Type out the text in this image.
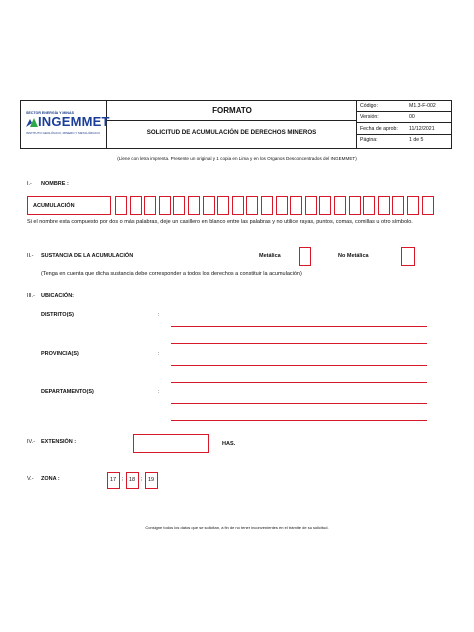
SECTOR ENERGÍA Y MINAS
INGEMMET
INSTITUTO GEOLÓGICO, MINERO Y METALÚRGICO
FORMATO
SOLICITUD DE ACUMULACIÓN DE DERECHOS MINEROS
Código:	M1.3-F-002
Versión:	00
Fecha de aprob: 11/12/2021
Página:	1 de 5
(Llene con letra imprenta. Presente un original y 1 copia en Lima y en los Organos Desconcentrados del INGEMMET)
I.- NOMBRE :
ACUMULACIÓN
Si el nombre esta compuesto por dos o más palabras, deje un casillero en blanco entre las palabras y no utilice rayas, puntos, comas, comillas u otro símbolo.
II.- SUSTANCIA DE LA ACUMULACIÓN	Metálica	No Metálica
(Tenga en cuenta que dicha sustancia debe corresponder a todos los derechos a constituir la acumulación)
III.- UBICACIÓN:
DISTRITO(S)	:
PROVINCIA(S)	:
DEPARTAMENTO(S)	:
IV.- EXTENSIÓN :	HAS.
V.- ZONA :	17 ; 18 ; 19
Consigne todos los datos que se solicitan, a fin de no tener inconvenientes en el trámite de su solicitud.
